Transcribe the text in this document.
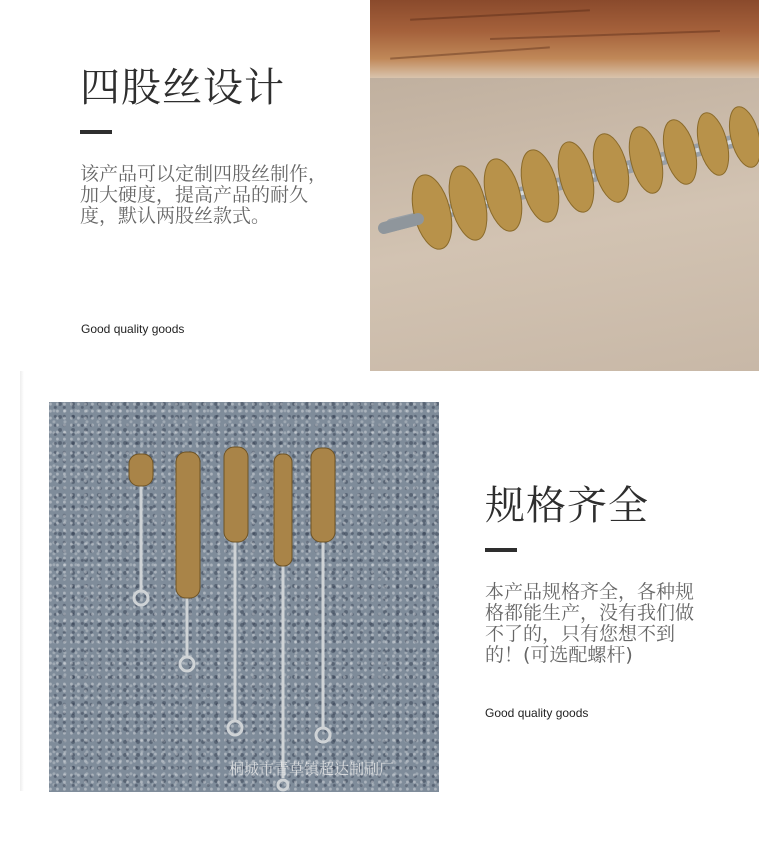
四股丝设计
该产品可以定制四股丝制作，
加大硬度，提高产品的耐久
度，默认两股丝款式。
Good quality goods
桐城市青草镇超达制刷厂
规格齐全
本产品规格齐全，各种规
格都能生产，没有我们做
不了的，只有您想不到
的！(可选配螺杆)
Good quality goods
